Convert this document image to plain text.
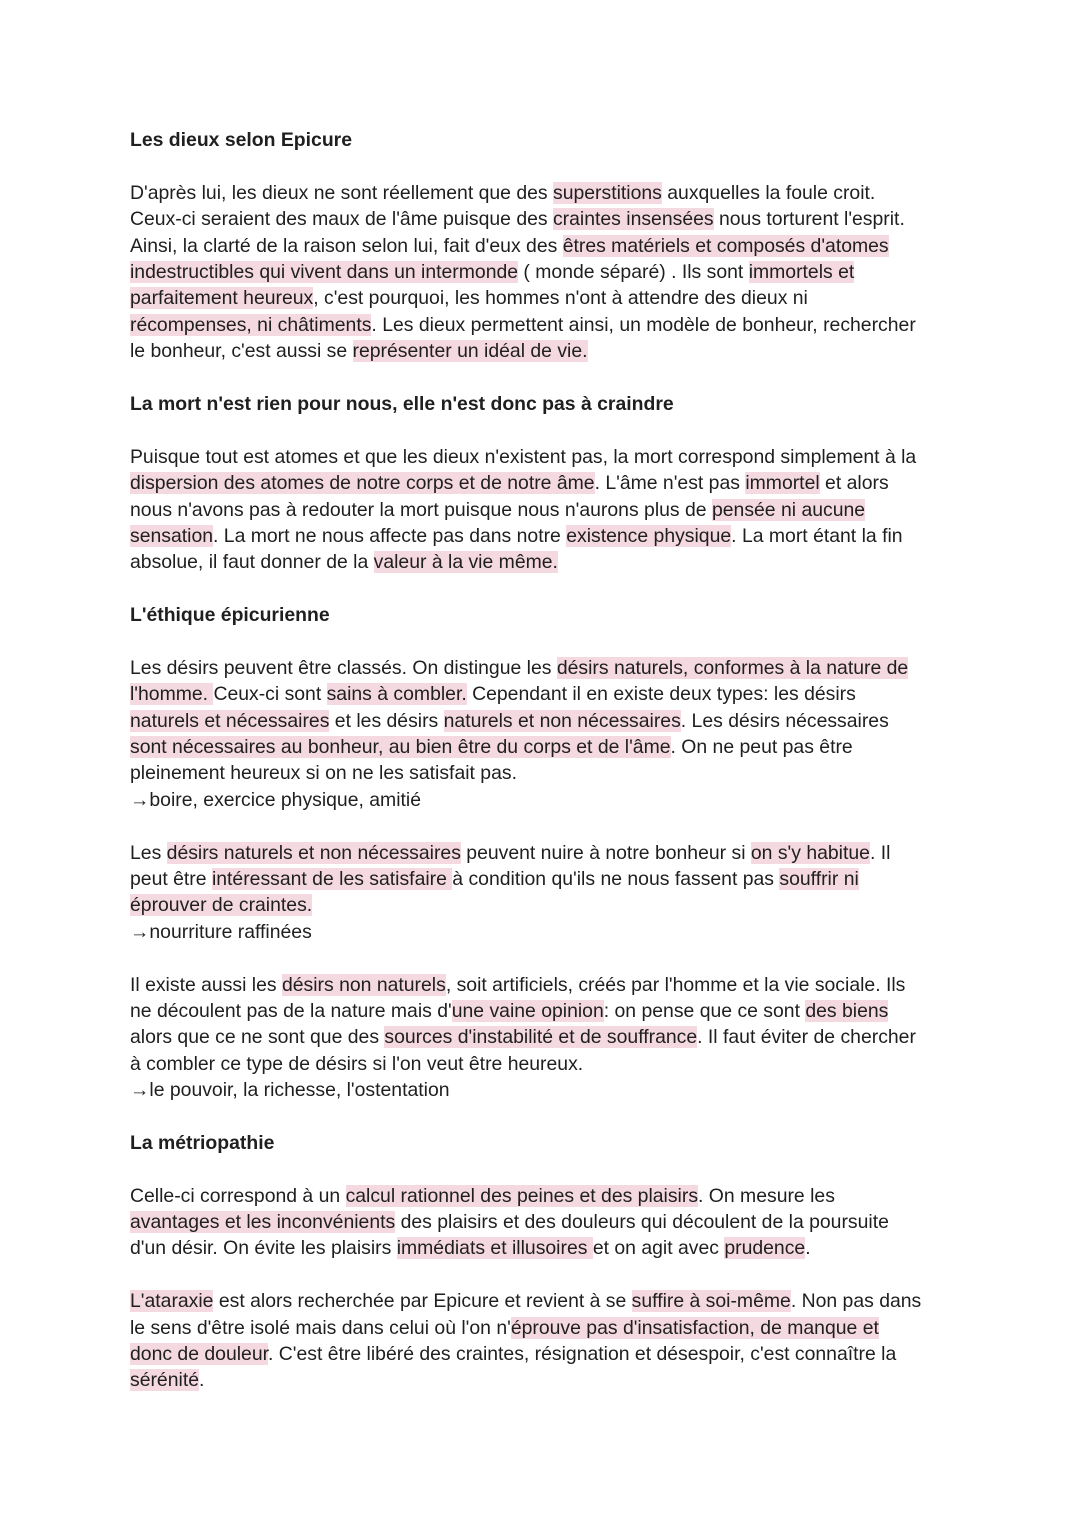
Les dieux selon Epicure
D'après lui, les dieux ne sont réellement que des superstitions auxquelles la foule croit.
Ceux-ci seraient des maux de l'âme puisque des craintes insensées nous torturent l'esprit.
Ainsi, la clarté de la raison selon lui, fait d'eux des êtres matériels et composés d'atomes
indestructibles qui vivent dans un intermonde ( monde séparé) . Ils sont immortels et
parfaitement heureux, c'est pourquoi, les hommes n'ont à attendre des dieux ni
récompenses, ni châtiments. Les dieux permettent ainsi, un modèle de bonheur, rechercher
le bonheur, c'est aussi se représenter un idéal de vie.
La mort n'est rien pour nous, elle n'est donc pas à craindre
Puisque tout est atomes et que les dieux n'existent pas, la mort correspond simplement à la
dispersion des atomes de notre corps et de notre âme. L'âme n'est pas immortel et alors
nous n'avons pas à redouter la mort puisque nous n'aurons plus de pensée ni aucune
sensation. La mort ne nous affecte pas dans notre existence physique. La mort étant la fin
absolue, il faut donner de la valeur à la vie même.
L'éthique épicurienne
Les désirs peuvent être classés. On distingue les désirs naturels, conformes à la nature de
l'homme. Ceux-ci sont sains à combler. Cependant il en existe deux types: les désirs
naturels et nécessaires et les désirs naturels et non nécessaires. Les désirs nécessaires
sont nécessaires au bonheur, au bien être du corps et de l'âme. On ne peut pas être
pleinement heureux si on ne les satisfait pas.
→boire, exercice physique, amitié
Les désirs naturels et non nécessaires peuvent nuire à notre bonheur si on s'y habitue. Il
peut être intéressant de les satisfaire à condition qu'ils ne nous fassent pas souffrir ni
éprouver de craintes.
→nourriture raffinées
Il existe aussi les désirs non naturels, soit artificiels, créés par l'homme et la vie sociale. Ils
ne découlent pas de la nature mais d'une vaine opinion: on pense que ce sont des biens
alors que ce ne sont que des sources d'instabilité et de souffrance. Il faut éviter de chercher
à combler ce type de désirs si l'on veut être heureux.
→le pouvoir, la richesse, l'ostentation
La métriopathie
Celle-ci correspond à un calcul rationnel des peines et des plaisirs. On mesure les
avantages et les inconvénients des plaisirs et des douleurs qui découlent de la poursuite
d'un désir. On évite les plaisirs immédiats et illusoires et on agit avec prudence.
L'ataraxie est alors recherchée par Epicure et revient à se suffire à soi-même. Non pas dans
le sens d'être isolé mais dans celui où l'on n'éprouve pas d'insatisfaction, de manque et
donc de douleur. C'est être libéré des craintes, résignation et désespoir, c'est connaître la
sérénité.
